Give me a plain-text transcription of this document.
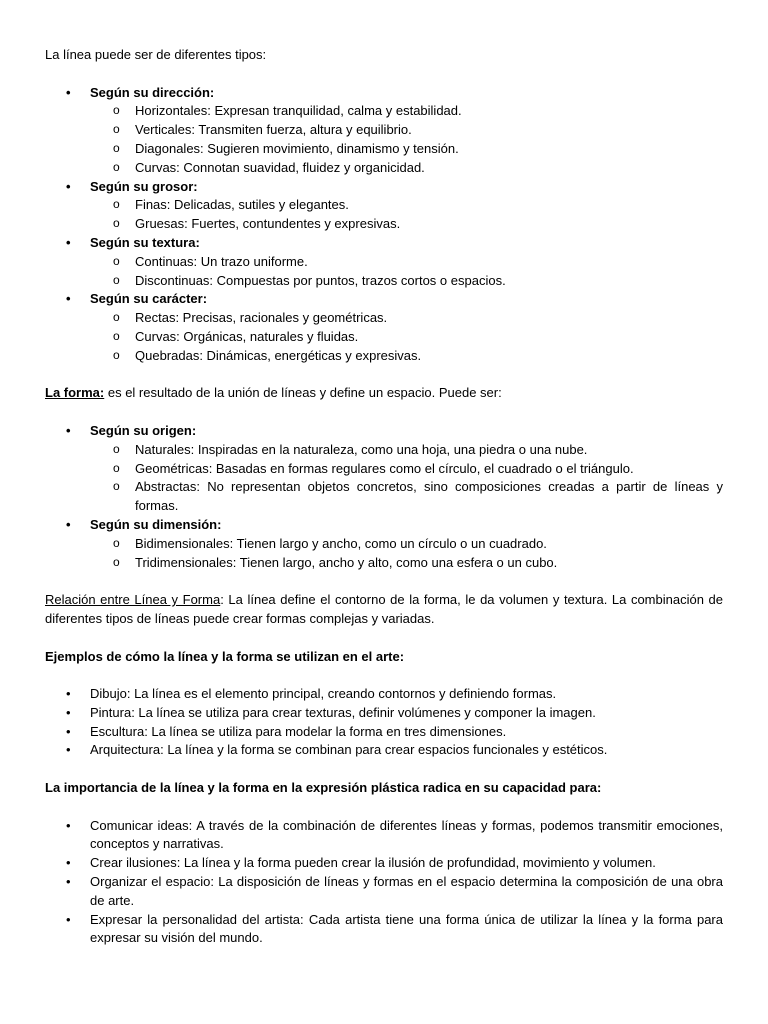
La línea puede ser de diferentes tipos:

• Según su dirección:
o Horizontales: Expresan tranquilidad, calma y estabilidad.
o Verticales: Transmiten fuerza, altura y equilibrio.
o Diagonales: Sugieren movimiento, dinamismo y tensión.
o Curvas: Connotan suavidad, fluidez y organicidad.
• Según su grosor:
o Finas: Delicadas, sutiles y elegantes.
o Gruesas: Fuertes, contundentes y expresivas.
• Según su textura:
o Continuas: Un trazo uniforme.
o Discontinuas: Compuestas por puntos, trazos cortos o espacios.
• Según su carácter:
o Rectas: Precisas, racionales y geométricas.
o Curvas: Orgánicas, naturales y fluidas.
o Quebradas: Dinámicas, energéticas y expresivas.

La forma: es el resultado de la unión de líneas y define un espacio. Puede ser:

• Según su origen:
o Naturales: Inspiradas en la naturaleza, como una hoja, una piedra o una nube.
o Geométricas: Basadas en formas regulares como el círculo, el cuadrado o el triángulo.
o Abstractas: No representan objetos concretos, sino composiciones creadas a partir de líneas y formas.
• Según su dimensión:
o Bidimensionales: Tienen largo y ancho, como un círculo o un cuadrado.
o Tridimensionales: Tienen largo, ancho y alto, como una esfera o un cubo.

Relación entre Línea y Forma: La línea define el contorno de la forma, le da volumen y textura. La combinación de diferentes tipos de líneas puede crear formas complejas y variadas.

Ejemplos de cómo la línea y la forma se utilizan en el arte:

• Dibujo: La línea es el elemento principal, creando contornos y definiendo formas.
• Pintura: La línea se utiliza para crear texturas, definir volúmenes y componer la imagen.
• Escultura: La línea se utiliza para modelar la forma en tres dimensiones.
• Arquitectura: La línea y la forma se combinan para crear espacios funcionales y estéticos.

La importancia de la línea y la forma en la expresión plástica radica en su capacidad para:

• Comunicar ideas: A través de la combinación de diferentes líneas y formas, podemos transmitir emociones, conceptos y narrativas.
• Crear ilusiones: La línea y la forma pueden crear la ilusión de profundidad, movimiento y volumen.
• Organizar el espacio: La disposición de líneas y formas en el espacio determina la composición de una obra de arte.
• Expresar la personalidad del artista: Cada artista tiene una forma única de utilizar la línea y la forma para expresar su visión del mundo.
